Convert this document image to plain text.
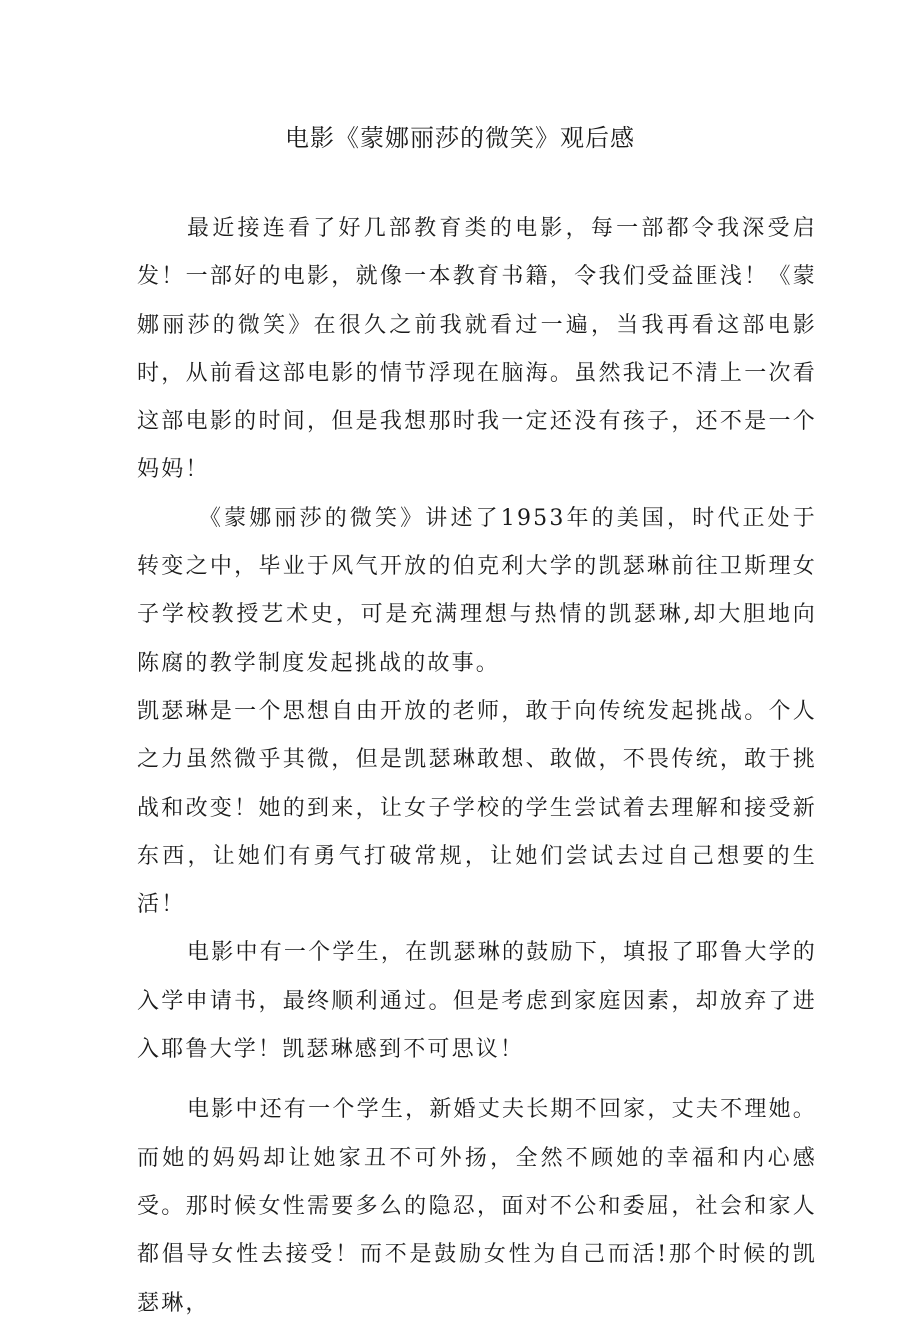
电影《蒙娜丽莎的微笑》观后感

最近接连看了好几部教育类的电影，每一部都令我深受启发！一部好的电影，就像一本教育书籍，令我们受益匪浅！《蒙娜丽莎的微笑》在很久之前我就看过一遍，当我再看这部电影时，从前看这部电影的情节浮现在脑海。虽然我记不清上一次看这部电影的时间，但是我想那时我一定还没有孩子，还不是一个妈妈！

《蒙娜丽莎的微笑》讲述了1953年的美国，时代正处于转变之中，毕业于风气开放的伯克利大学的凯瑟琳前往卫斯理女子学校教授艺术史，可是充满理想与热情的凯瑟琳,却大胆地向陈腐的教学制度发起挑战的故事。

凯瑟琳是一个思想自由开放的老师，敢于向传统发起挑战。个人之力虽然微乎其微，但是凯瑟琳敢想、敢做，不畏传统，敢于挑战和改变！她的到来，让女子学校的学生尝试着去理解和接受新东西，让她们有勇气打破常规，让她们尝试去过自己想要的生活！

电影中有一个学生，在凯瑟琳的鼓励下，填报了耶鲁大学的入学申请书，最终顺利通过。但是考虑到家庭因素，却放弃了进入耶鲁大学！凯瑟琳感到不可思议！

电影中还有一个学生，新婚丈夫长期不回家，丈夫不理她。而她的妈妈却让她家丑不可外扬，全然不顾她的幸福和内心感受。那时候女性需要多么的隐忍，面对不公和委屈，社会和家人都倡导女性去接受！而不是鼓励女性为自己而活!那个时候的凯瑟琳，
